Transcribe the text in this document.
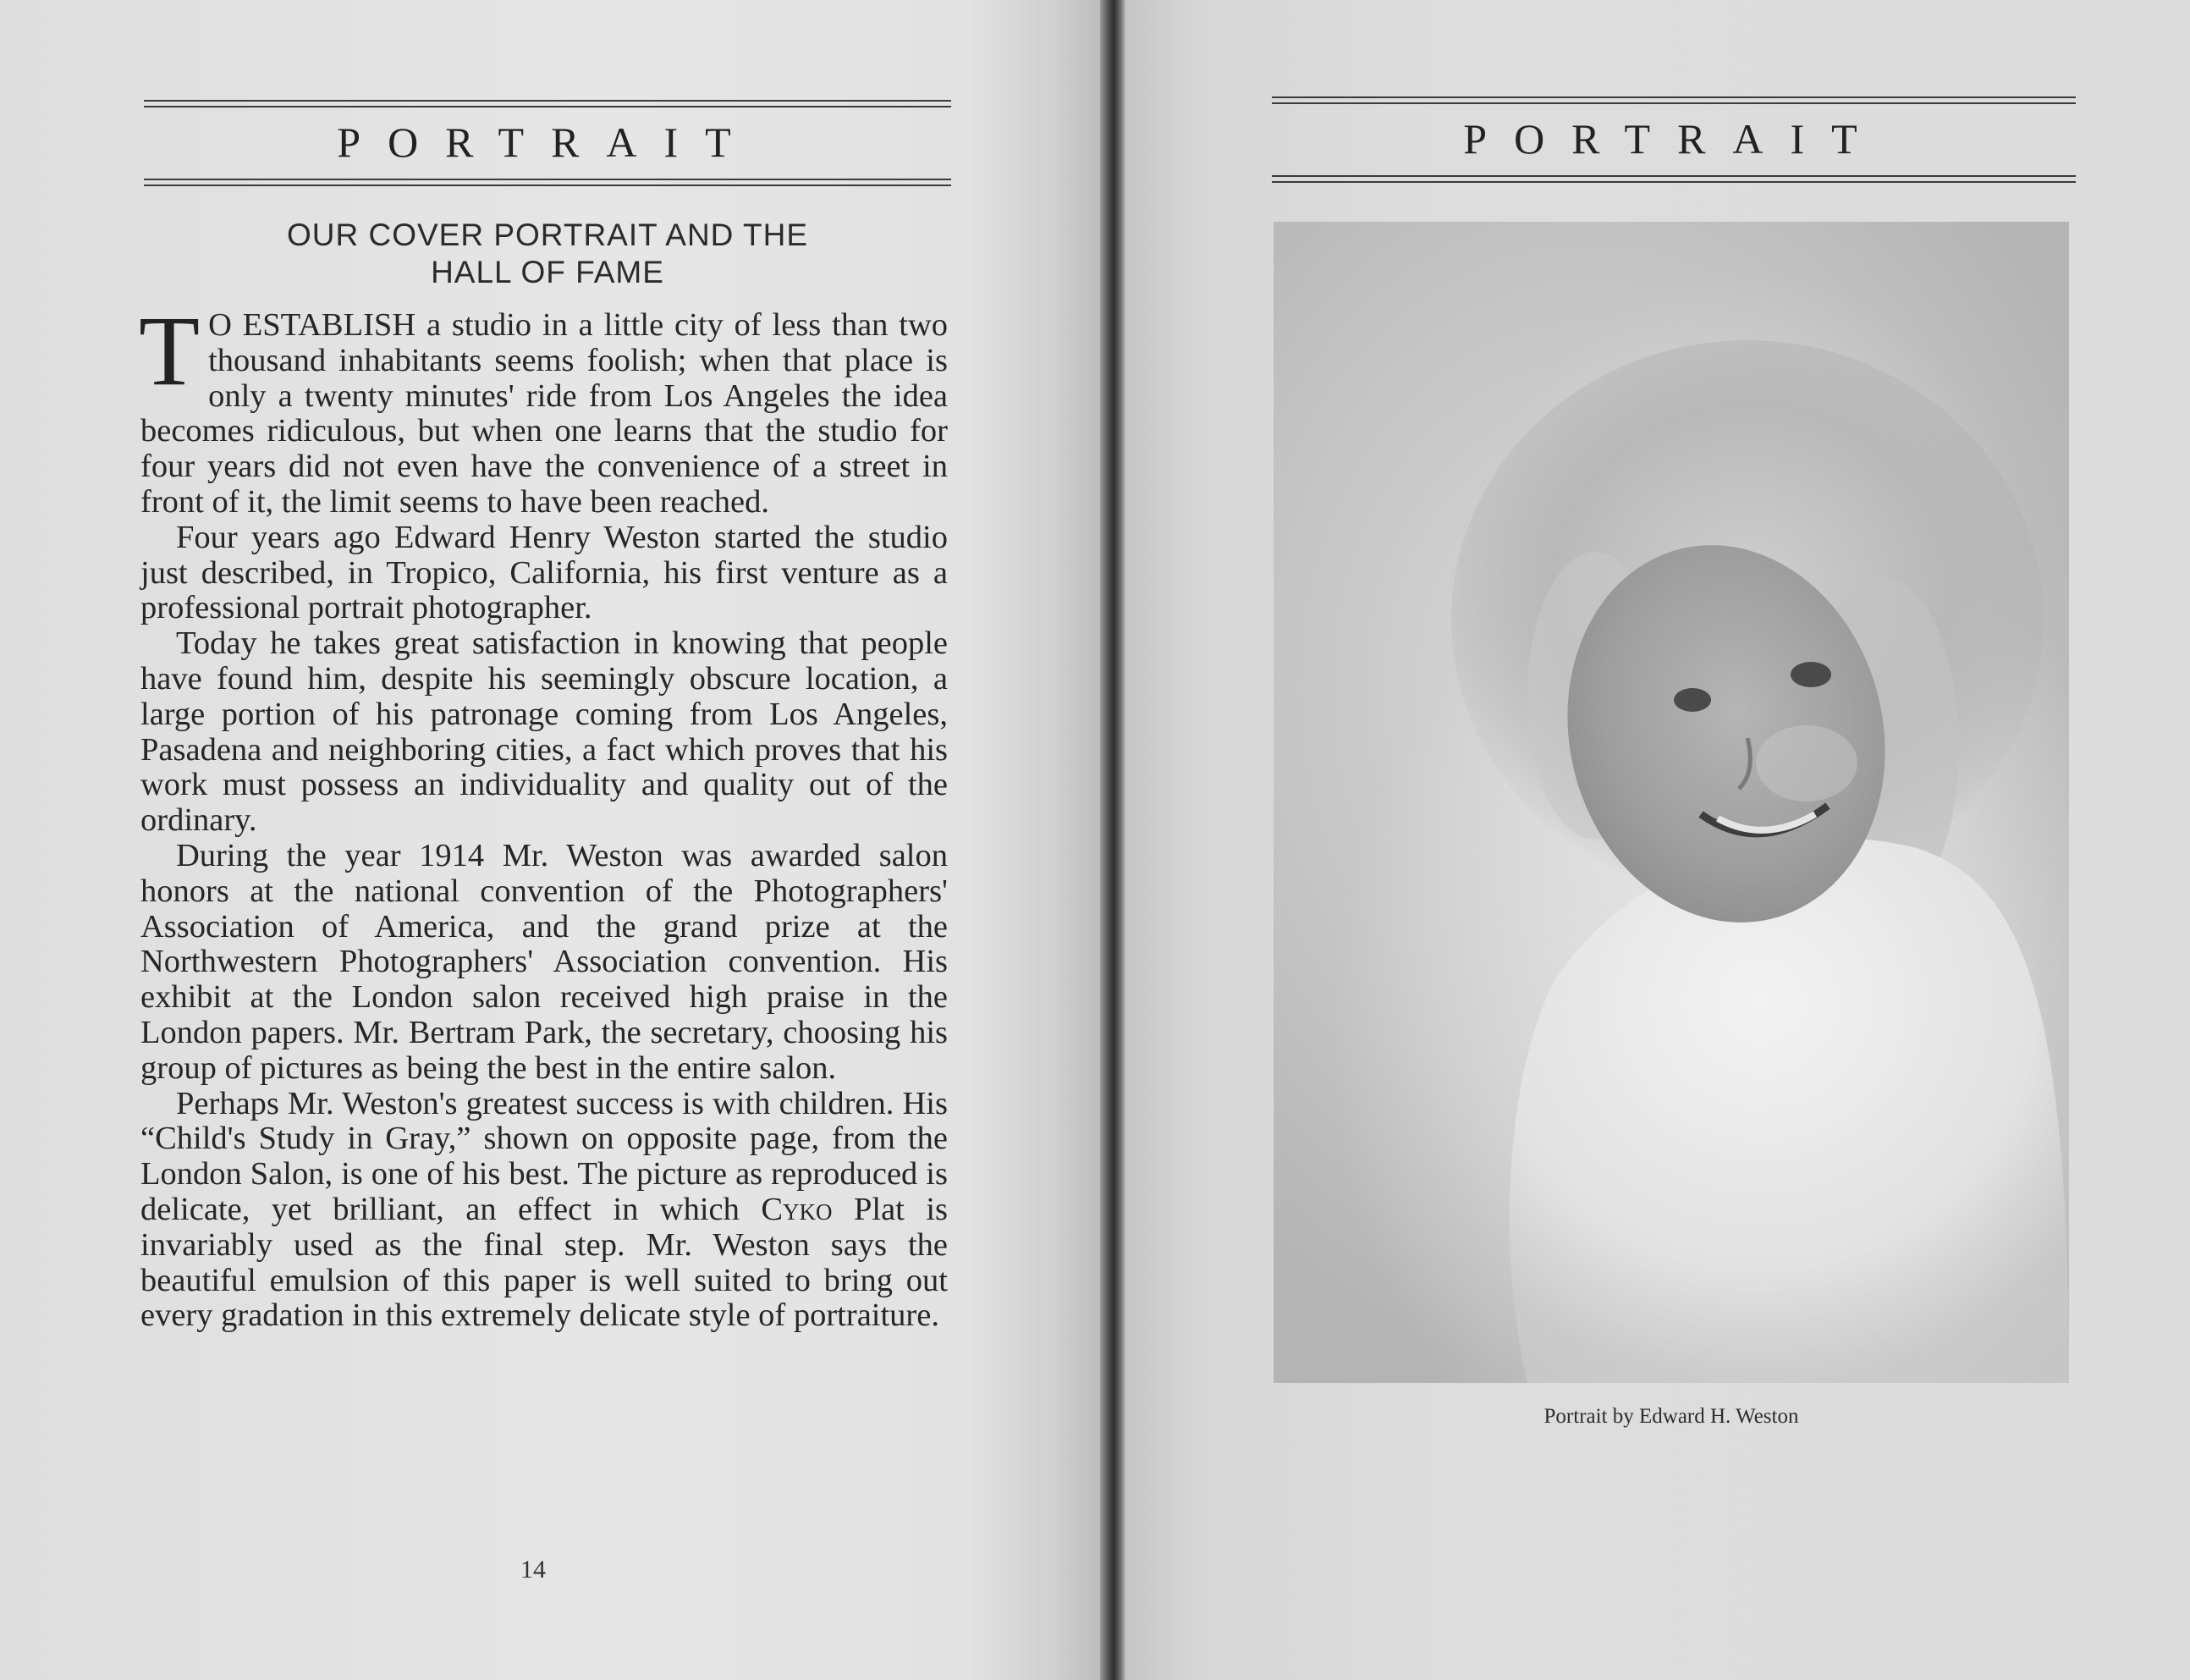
PORTRAIT
OUR COVER PORTRAIT AND THE
HALL OF FAME

T O ESTABLISH a studio in a little city of less than two thousand inhabitants seems foolish; when that place is only a twenty minutes' ride from Los Angeles the idea becomes ridiculous, but when one learns that the studio for four years did not even have the convenience of a street in front of it, the limit seems to have been reached.

Four years ago Edward Henry Weston started the studio just described, in Tropico, California, his first venture as a professional portrait photographer.

Today he takes great satisfaction in knowing that people have found him, despite his seemingly obscure location, a large portion of his patronage coming from Los Angeles, Pasadena and neighboring cities, a fact which proves that his work must possess an individuality and quality out of the ordinary.

During the year 1914 Mr. Weston was awarded salon honors at the national convention of the Photographers' Association of America, and the grand prize at the Northwestern Photographers' Association convention. His exhibit at the London salon received high praise in the London papers. Mr. Bertram Park, the secretary, choosing his group of pictures as being the best in the entire salon.

Perhaps Mr. Weston's greatest success is with children. His “Child's Study in Gray,” shown on opposite page, from the London Salon, is one of his best. The picture as reproduced is delicate, yet brilliant, an effect in which Cyko Plat is invariably used as the final step. Mr. Weston says the beautiful emulsion of this paper is well suited to bring out every gradation in this extremely delicate style of portraiture.

14
PORTRAIT
Portrait by Edward H. Weston
